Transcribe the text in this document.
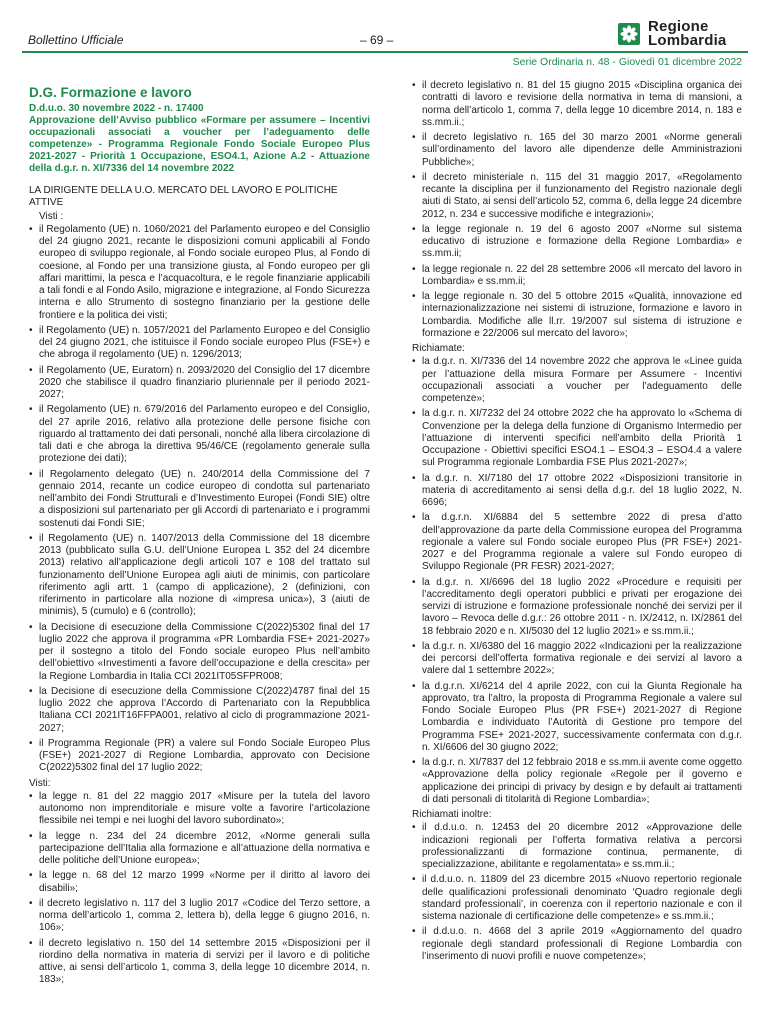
Bollettino Ufficiale	– 69 –
Regione
Lombardia
Serie Ordinaria n. 48 - Giovedì 01 dicembre 2022
D.G. Formazione e lavoro
D.d.u.o. 30 novembre 2022 - n. 17400
Approvazione dell’Avviso pubblico «Formare per assumere – Incentivi occupazionali associati a voucher per l’adeguamento delle competenze» - Programma Regionale Fondo Sociale Europeo Plus 2021-2027 - Priorità 1 Occupazione, ESO4.1, Azione A.2 - Attuazione della d.g.r. n. XI/7336 del 14 novembre 2022
LA DIRIGENTE DELLA U.O. MERCATO DEL LAVORO E POLITICHE ATTIVE
Visti :
• il Regolamento (UE) n. 1060/2021 del Parlamento europeo e del Consiglio del 24 giugno 2021, recante le disposizioni comuni applicabili al Fondo europeo di sviluppo regionale, al Fondo sociale europeo Plus, al Fondo di coesione, al Fondo per una transizione giusta, al Fondo europeo per gli affari marittimi, la pesca e l’acquacoltura, e le regole finanziarie applicabili a tali fondi e al Fondo Asilo, migrazione e integrazione, al Fondo Sicurezza interna e allo Strumento di sostegno finanziario per la gestione delle frontiere e la politica dei visti;
• il Regolamento (UE) n. 1057/2021 del Parlamento Europeo e del Consiglio del 24 giugno 2021, che istituisce il Fondo sociale europeo Plus (FSE+) e che abroga il regolamento (UE) n. 1296/2013;
• il Regolamento (UE, Euratom) n. 2093/2020 del Consiglio del 17 dicembre 2020 che stabilisce il quadro finanziario pluriennale per il periodo 2021-2027;
• il Regolamento (UE) n. 679/2016 del Parlamento europeo e del Consiglio, del 27 aprile 2016, relativo alla protezione delle persone fisiche con riguardo al trattamento dei dati personali, nonché alla libera circolazione di tali dati e che abroga la direttiva 95/46/CE (regolamento generale sulla protezione dei dati);
• il Regolamento delegato (UE) n. 240/2014 della Commissione del 7 gennaio 2014, recante un codice europeo di condotta sul partenariato nell’ambito dei Fondi Strutturali e d’Investimento Europei (Fondi SIE) oltre a disposizioni sul partenariato per gli Accordi di partenariato e i programmi sostenuti dai Fondi SIE;
• il Regolamento (UE) n. 1407/2013 della Commissione del 18 dicembre 2013 (pubblicato sulla G.U. dell’Unione Europea L 352 del 24 dicembre 2013) relativo all’applicazione degli articoli 107 e 108 del trattato sul funzionamento dell’Unione Europea agli aiuti de minimis, con particolare riferimento agli artt. 1 (campo di applicazione), 2 (definizioni, con riferimento in particolare alla nozione di «impresa unica»), 3 (aiuti de minimis), 5 (cumulo) e 6 (controllo);
• la Decisione di esecuzione della Commissione C(2022)5302 final del 17 luglio 2022 che approva il programma «PR Lombardia FSE+ 2021-2027» per il sostegno a titolo del Fondo sociale europeo Plus nell’ambito dell’obiettivo «Investimenti a favore dell’occupazione e della crescita» per la Regione Lombardia in Italia CCI 2021IT05SFPR008;
• la Decisione di esecuzione della Commissione C(2022)4787 final del 15 luglio 2022 che approva l’Accordo di Partenariato con la Repubblica Italiana CCI 2021IT16FFPA001, relativo al ciclo di programmazione 2021-2027;
• il Programma Regionale (PR) a valere sul Fondo Sociale Europeo Plus (FSE+) 2021-2027 di Regione Lombardia, approvato con Decisione C(2022)5302 final del 17 luglio 2022;
Visti:
• la legge n. 81 del 22 maggio 2017 «Misure per la tutela del lavoro autonomo non imprenditoriale e misure volte a favorire l’articolazione flessibile nei tempi e nei luoghi del lavoro subordinato»;
• la legge n. 234 del 24 dicembre 2012, «Norme generali sulla partecipazione dell’Italia alla formazione e all’attuazione della normativa e delle politiche dell’Unione europea»;
• la legge n. 68 del 12 marzo 1999 «Norme per il diritto al lavoro dei disabili»;
• il decreto legislativo n. 117 del 3 luglio 2017 «Codice del Terzo settore, a norma dell’articolo 1, comma 2, lettera b), della legge 6 giugno 2016, n. 106»;
• il decreto legislativo n. 150 del 14 settembre 2015 «Disposizioni per il riordino della normativa in materia di servizi per il lavoro e di politiche attive, ai sensi dell’articolo 1, comma 3, della legge 10 dicembre 2014, n. 183»;
• il decreto legislativo n. 81 del 15 giugno 2015 «Disciplina organica dei contratti di lavoro e revisione della normativa in tema di mansioni, a norma dell’articolo 1, comma 7, della legge 10 dicembre 2014, n. 183 e ss.mm.ii.;
• il decreto legislativo n. 165 del 30 marzo 2001 «Norme generali sull’ordinamento del lavoro alle dipendenze delle Amministrazioni Pubbliche»;
• il decreto ministeriale n. 115 del 31 maggio 2017, «Regolamento recante la disciplina per il funzionamento del Registro nazionale degli aiuti di Stato, ai sensi dell’articolo 52, comma 6, della legge 24 dicembre 2012, n. 234 e successive modifiche e integrazioni»;
• la legge regionale n. 19 del 6 agosto 2007 «Norme sul sistema educativo di istruzione e formazione della Regione Lombardia» e ss.mm.ii;
• la legge regionale n. 22 del 28 settembre 2006 «Il mercato del lavoro in Lombardia» e ss.mm.ii;
• la legge regionale n. 30 del 5 ottobre 2015 «Qualità, innovazione ed internazionalizzazione nei sistemi di istruzione, formazione e lavoro in Lombardia. Modifiche alle ll.rr. 19/2007 sul sistema di istruzione e formazione e 22/2006 sul mercato del lavoro»;
Richiamate:
• la d.g.r. n. XI/7336 del 14 novembre 2022 che approva le «Linee guida per l’attuazione della misura Formare per Assumere - Incentivi occupazionali associati a voucher per l’adeguamento delle competenze»;
• la d.g.r. n. XI/7232 del 24 ottobre 2022 che ha approvato lo «Schema di Convenzione per la delega della funzione di Organismo Intermedio per l’attuazione di interventi specifici nell’ambito della Priorità 1 Occupazione - Obiettivi specifici ESO4.1 – ESO4.3 – ESO4.4 a valere sul Programma regionale Lombardia FSE Plus 2021-2027»;
• la d.g.r. n. XI/7180 del 17 ottobre 2022 «Disposizioni transitorie in materia di accreditamento ai sensi della d.g.r. del 18 luglio 2022, N. 6696;
• la d.g.r.n. XI/6884 del 5 settembre 2022 di presa d’atto dell’approvazione da parte della Commissione europea del Programma regionale a valere sul Fondo sociale europeo Plus (PR FSE+) 2021-2027 e del Programma regionale a valere sul Fondo europeo di Sviluppo Regionale (PR FESR) 2021-2027;
• la d.g.r. n. XI/6696 del 18 luglio 2022 «Procedure e requisiti per l’accreditamento degli operatori pubblici e privati per erogazione dei servizi di istruzione e formazione professionale nonché dei servizi per il lavoro – Revoca delle d.g.r.: 26 ottobre 2011 - n. IX/2412, n. IX/2861 del 18 febbraio 2020 e n. XI/5030 del 12 luglio 2021» e ss.mm.ii.;
• la d.g.r. n. XI/6380 del 16 maggio 2022 «Indicazioni per la realizzazione dei percorsi dell’offerta formativa regionale e dei servizi al lavoro a valere dal 1 settembre 2022»;
• la d.g.r.n. XI/6214 del 4 aprile 2022, con cui la Giunta Regionale ha approvato, tra l’altro, la proposta di Programma Regionale a valere sul Fondo Sociale Europeo Plus (PR FSE+) 2021-2027 di Regione Lombardia e individuato l’Autorità di Gestione pro tempore del Programma FSE+ 2021-2027, successivamente confermata con d.g.r. n. XI/6606 del 30 giugno 2022;
• la d.g.r. n. XI/7837 del 12 febbraio 2018 e ss.mm.ii avente come oggetto «Approvazione della policy regionale «Regole per il governo e applicazione dei principi di privacy by design e by default ai trattamenti di dati personali di titolarità di Regione Lombardia»;
Richiamati inoltre:
• il d.d.u.o. n. 12453 del 20 dicembre 2012 «Approvazione delle indicazioni regionali per l’offerta formativa relativa a percorsi professionalizzanti di formazione continua, permanente, di specializzazione, abilitante e regolamentata» e ss.mm.ii.;
• il d.d.u.o. n. 11809 del 23 dicembre 2015 «Nuovo repertorio regionale delle qualificazioni professionali denominato ‘Quadro regionale degli standard professionali’, in coerenza con il repertorio nazionale e con il sistema nazionale di certificazione delle competenze» e ss.mm.ii.;
• il d.d.u.o. n. 4668 del 3 aprile 2019 «Aggiornamento del quadro regionale degli standard professionali di Regione Lombardia con l’inserimento di nuovi profili e nuove competenze»;
